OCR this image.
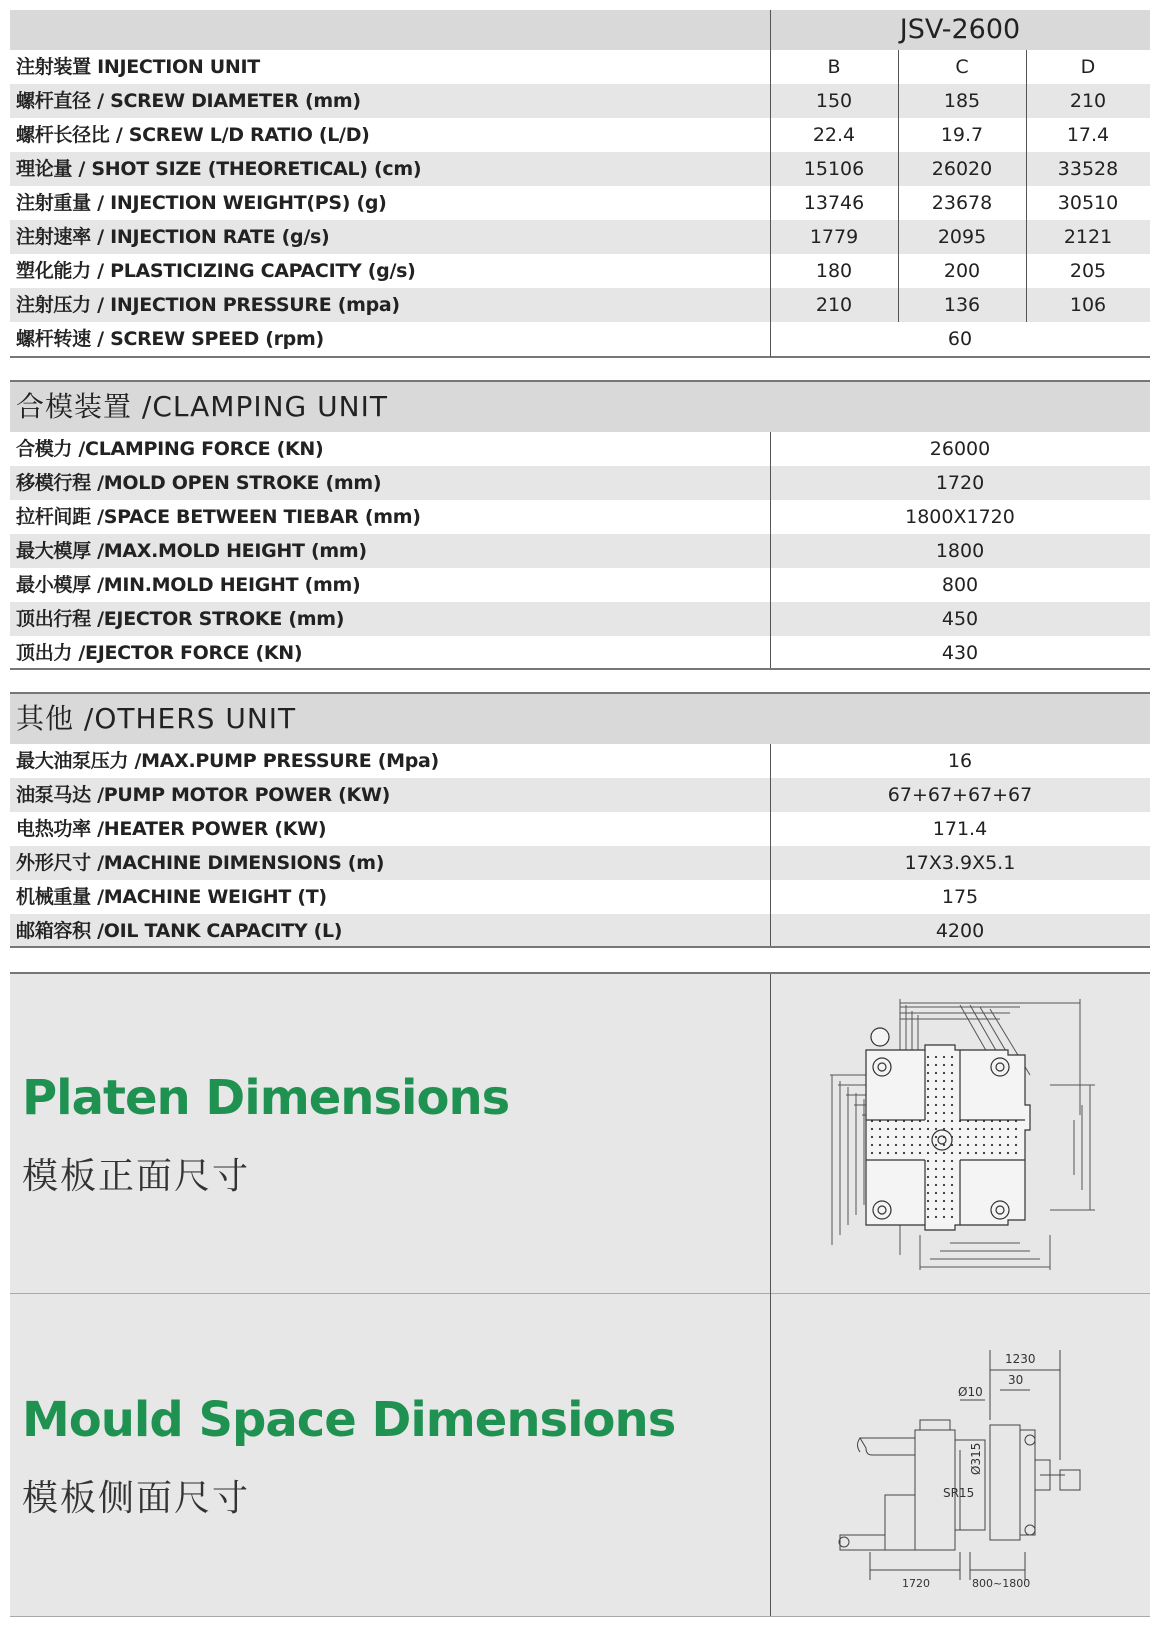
JSV-2600
注射装置 INJECTION UNIT	B	C	D
螺杆直径 / SCREW DIAMETER (mm)	150	185	210
螺杆长径比 / SCREW L/D RATIO (L/D)	22.4	19.7	17.4
理论量 / SHOT SIZE (THEORETICAL) (cm)	15106	26020	33528
注射重量 / INJECTION WEIGHT(PS) (g)	13746	23678	30510
注射速率 / INJECTION RATE (g/s)	1779	2095	2121
塑化能力 / PLASTICIZING CAPACITY (g/s)	180	200	205
注射压力 / INJECTION PRESSURE (mpa)	210	136	106
螺杆转速 / SCREW SPEED (rpm)	60
合模装置 /CLAMPING UNIT
合模力 /CLAMPING FORCE (KN)	26000
移模行程 /MOLD OPEN STROKE (mm)	1720
拉杆间距 /SPACE BETWEEN TIEBAR (mm)	1800X1720
最大模厚 /MAX.MOLD HEIGHT (mm)	1800
最小模厚 /MIN.MOLD HEIGHT (mm)	800
顶出行程 /EJECTOR STROKE (mm)	450
顶出力 /EJECTOR FORCE (KN)	430
其他 /OTHERS UNIT
最大油泵压力 /MAX.PUMP PRESSURE (Mpa)	16
油泵马达 /PUMP MOTOR POWER (KW)	67+67+67+67
电热功率 /HEATER POWER (KW)	171.4
外形尺寸 /MACHINE DIMENSIONS (m)	17X3.9X5.1
机械重量 /MACHINE WEIGHT (T)	175
邮箱容积 /OIL TANK CAPACITY (L)	4200
Platen Dimensions
模板正面尺寸
Mould Space Dimensions
模板侧面尺寸
1230
30
Ø10
Ø315
SR15
1720	800~1800
